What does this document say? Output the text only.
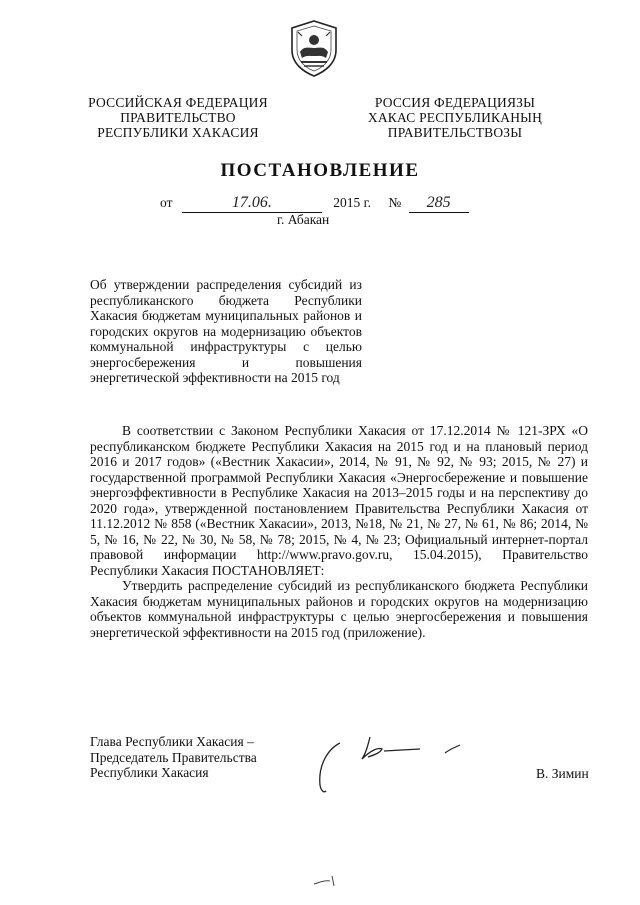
РОССИЙСКАЯ ФЕДЕРАЦИЯ
ПРАВИТЕЛЬСТВО
РЕСПУБЛИКИ ХАКАСИЯ
РОССИЯ ФЕДЕРАЦИЯЗЫ
ХАКАС РЕСПУБЛИКАНЫҢ
ПРАВИТЕЛЬСТВОЗЫ
ПОСТАНОВЛЕНИЕ
от	17.06.	2015 г. № 285
г. Абакан
Об утверждении распределения субсидий из республиканского бюджета Республики Хакасия бюджетам муниципальных районов и городских округов на модернизацию объектов коммунальной инфраструктуры с целью энергосбережения и повышения энергетической эффективности на 2015 год

В соответствии с Законом Республики Хакасия от 17.12.2014 № 121-ЗРХ «О республиканском бюджете Республики Хакасия на 2015 год и на плановый период 2016 и 2017 годов» («Вестник Хакасии», 2014, № 91, № 92, № 93; 2015, № 27) и государственной программой Республики Хакасия «Энергосбережение и повышение энергоэффективности в Республике Хакасия на 2013–2015 годы и на перспективу до 2020 года», утвержденной постановлением Правительства Республики Хакасия от 11.12.2012 № 858 («Вестник Хакасии», 2013, №18, № 21, № 27, № 61, № 86; 2014, № 5, № 16, № 22, № 30, № 58, № 78; 2015, № 4, № 23; Официальный интернет-портал правовой информации http://www.pravo.gov.ru, 15.04.2015), Правительство Республики Хакасия ПОСТАНОВЛЯЕТ:

Утвердить распределение субсидий из республиканского бюджета Республики Хакасия бюджетам муниципальных районов и городских округов на модернизацию объектов коммунальной инфраструктуры с целью энергосбережения и повышения энергетической эффективности на 2015 год (приложение).

Глава Республики Хакасия –
Председатель Правительства
Республики Хакасия	В. Зимин
